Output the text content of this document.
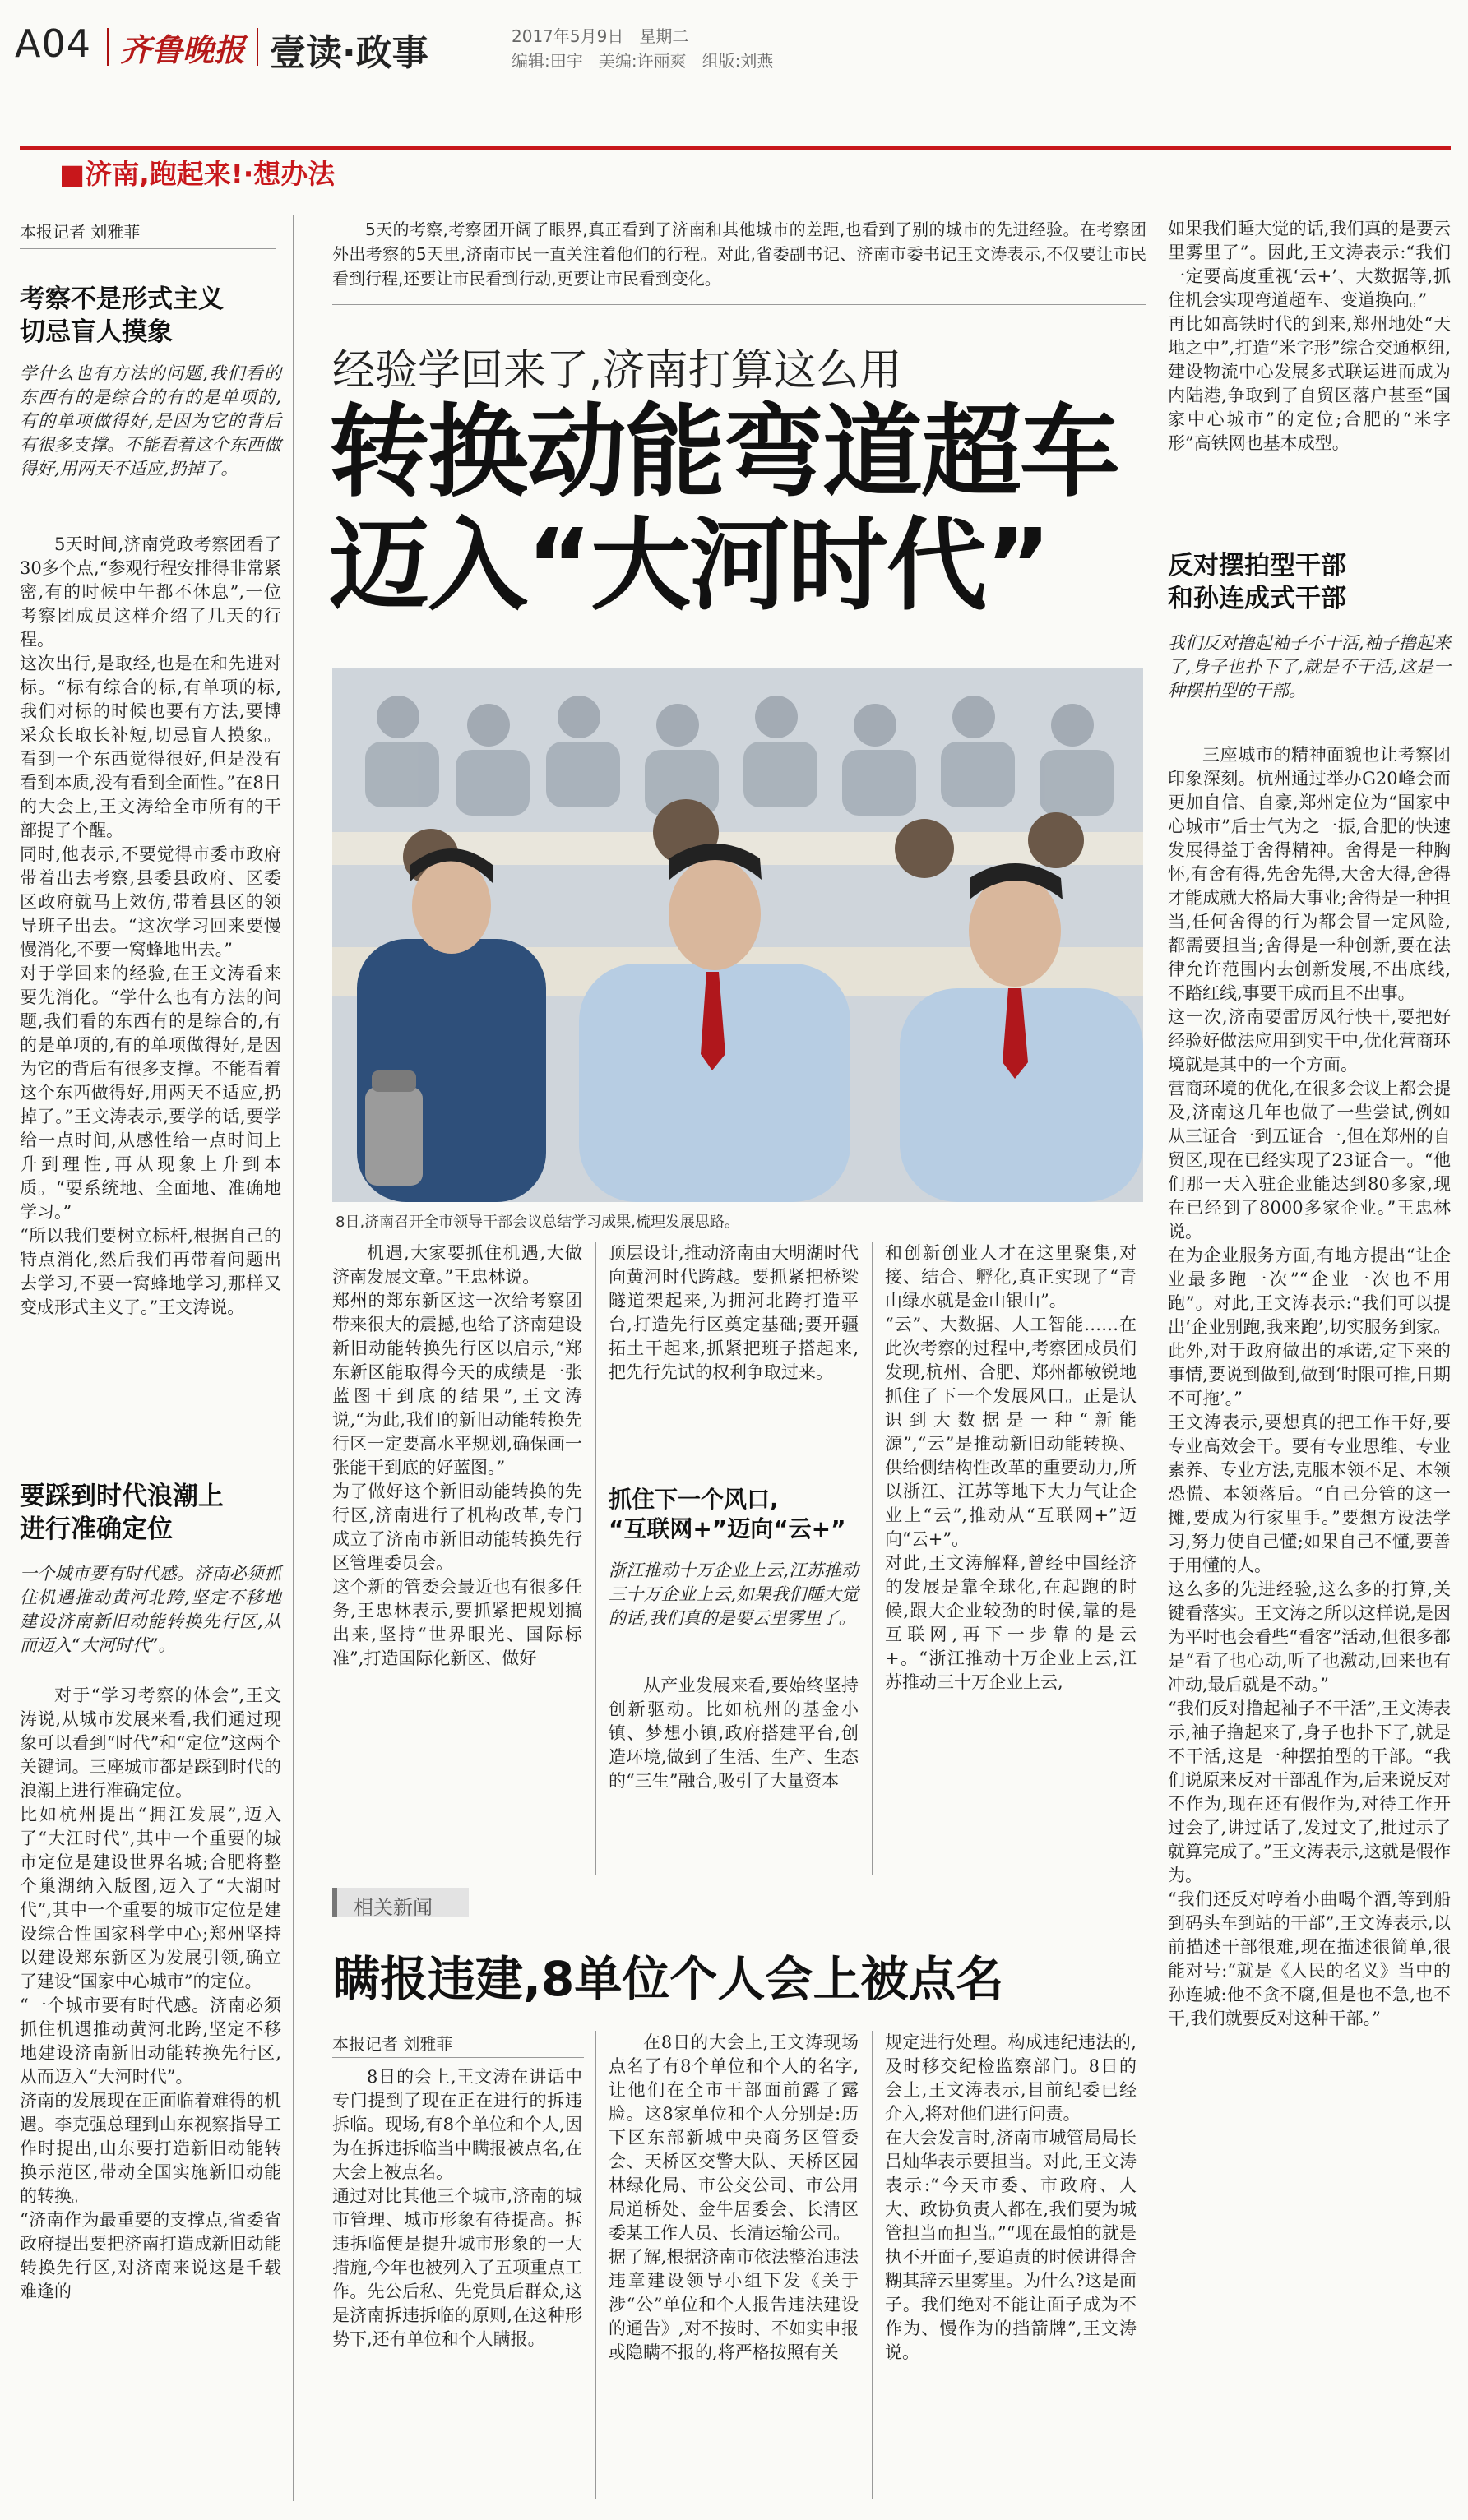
A04 齐鲁晚报 壹读·政事	2017年5月9日 星期二
编辑:田宇 美编:许丽爽 组版:刘燕
■济南,跑起来!·想办法
本报记者 刘雅菲

考察不是形式主义
切忌盲人摸象

学什么也有方法的问题,我们看的东西有的是综合的有的是单项的,有的单项做得好,是因为它的背后有很多支撑。不能看着这个东西做得好,用两天不适应,扔掉了。

5天时间,济南党政考察团看了30多个点,“参观行程安排得非常紧密,有的时候中午都不休息”,一位考察团成员这样介绍了几天的行程。
这次出行,是取经,也是在和先进对标。“标有综合的标,有单项的标,我们对标的时候也要有方法,要博采众长取长补短,切忌盲人摸象。看到一个东西觉得很好,但是没有看到本质,没有看到全面性。”在8日的大会上,王文涛给全市所有的干部提了个醒。
同时,他表示,不要觉得市委市政府带着出去考察,县委县政府、区委区政府就马上效仿,带着县区的领导班子出去。“这次学习回来要慢慢消化,不要一窝蜂地出去。”
对于学回来的经验,在王文涛看来要先消化。“学什么也有方法的问题,我们看的东西有的是综合的,有的是单项的,有的单项做得好,是因为它的背后有很多支撑。不能看着这个东西做得好,用两天不适应,扔掉了。”王文涛表示,要学的话,要学给一点时间,从感性给一点时间上升到理性,再从现象上升到本质。“要系统地、全面地、准确地学习。”
“所以我们要树立标杆,根据自己的特点消化,然后我们再带着问题出去学习,不要一窝蜂地学习,那样又变成形式主义了。”王文涛说。

要踩到时代浪潮上
进行准确定位

一个城市要有时代感。济南必须抓住机遇推动黄河北跨,坚定不移地建设济南新旧动能转换先行区,从而迈入“大河时代”。

对于“学习考察的体会”,王文涛说,从城市发展来看,我们通过现象可以看到“时代”和“定位”这两个关键词。三座城市都是踩到时代的浪潮上进行准确定位。
比如杭州提出“拥江发展”,迈入了“大江时代”,其中一个重要的城市定位是建设世界名城;合肥将整个巢湖纳入版图,迈入了“大湖时代”,其中一个重要的城市定位是建设综合性国家科学中心;郑州坚持以建设郑东新区为发展引领,确立了建设“国家中心城市”的定位。
“一个城市要有时代感。济南必须抓住机遇推动黄河北跨,坚定不移地建设济南新旧动能转换先行区,从而迈入“大河时代”。
济南的发展现在正面临着难得的机遇。李克强总理到山东视察指导工作时提出,山东要打造新旧动能转换示范区,带动全国实施新旧动能的转换。
“济南作为最重要的支撑点,省委省政府提出要把济南打造成新旧动能转换先行区,对济南来说这是千载难逢的

5天的考察,考察团开阔了眼界,真正看到了济南和其他城市的差距,也看到了别的城市的先进经验。在考察团外出考察的5天里,济南市民一直关注着他们的行程。对此,省委副书记、济南市委书记王文涛表示,不仅要让市民看到行程,还要让市民看到行动,更要让市民看到变化。

经验学回来了,济南打算这么用
转换动能弯道超车
迈入“大河时代”
8日,济南召开全市领导干部会议总结学习成果,梳理发展思路。

机遇,大家要抓住机遇,大做济南发展文章。”王忠林说。
郑州的郑东新区这一次给考察团带来很大的震撼,也给了济南建设新旧动能转换先行区以启示,“郑东新区能取得今天的成绩是一张蓝图干到底的结果”,王文涛说,“为此,我们的新旧动能转换先行区一定要高水平规划,确保画一张能干到底的好蓝图。”
为了做好这个新旧动能转换的先行区,济南进行了机构改革,专门成立了济南市新旧动能转换先行区管理委员会。
这个新的管委会最近也有很多任务,王忠林表示,要抓紧把规划搞出来,坚持“世界眼光、国际标准”,打造国际化新区、做好

顶层设计,推动济南由大明湖时代向黄河时代跨越。要抓紧把桥梁隧道架起来,为拥河北跨打造平台,打造先行区奠定基础;要开疆拓土干起来,抓紧把班子搭起来,把先行先试的权利争取过来。

抓住下一个风口,
“互联网+”迈向“云+”

浙江推动十万企业上云,江苏推动三十万企业上云,如果我们睡大觉的话,我们真的是要云里雾里了。

从产业发展来看,要始终坚持创新驱动。比如杭州的基金小镇、梦想小镇,政府搭建平台,创造环境,做到了生活、生产、生态的“三生”融合,吸引了大量资本

和创新创业人才在这里聚集,对接、结合、孵化,真正实现了“青山绿水就是金山银山”。
“云”、大数据、人工智能……在此次考察的过程中,考察团成员们发现,杭州、合肥、郑州都敏锐地抓住了下一个发展风口。正是认识到大数据是一种“新能源”,“云”是推动新旧动能转换、供给侧结构性改革的重要动力,所以浙江、江苏等地下大力气让企业上“云”,推动从“互联网+”迈向“云+”。
对此,王文涛解释,曾经中国经济的发展是靠全球化,在起跑的时候,跟大企业较劲的时候,靠的是互联网,再下一步靠的是云+。“浙江推动十万企业上云,江苏推动三十万企业上云,

如果我们睡大觉的话,我们真的是要云里雾里了”。因此,王文涛表示:“我们一定要高度重视‘云+’、大数据等,抓住机会实现弯道超车、变道换向。”
再比如高铁时代的到来,郑州地处“天地之中”,打造“米字形”综合交通枢纽,建设物流中心发展多式联运进而成为内陆港,争取到了自贸区落户甚至“国家中心城市”的定位;合肥的“米字形”高铁网也基本成型。

反对摆拍型干部
和孙连成式干部

我们反对撸起袖子不干活,袖子撸起来了,身子也扑下了,就是不干活,这是一种摆拍型的干部。

三座城市的精神面貌也让考察团印象深刻。杭州通过举办G20峰会而更加自信、自豪,郑州定位为“国家中心城市”后士气为之一振,合肥的快速发展得益于舍得精神。舍得是一种胸怀,有舍有得,先舍先得,大舍大得,舍得才能成就大格局大事业;舍得是一种担当,任何舍得的行为都会冒一定风险,都需要担当;舍得是一种创新,要在法律允许范围内去创新发展,不出底线,不踏红线,事要干成而且不出事。
这一次,济南要雷厉风行快干,要把好经验好做法应用到实干中,优化营商环境就是其中的一个方面。
营商环境的优化,在很多会议上都会提及,济南这几年也做了一些尝试,例如从三证合一到五证合一,但在郑州的自贸区,现在已经实现了23证合一。“他们那一天入驻企业能达到80多家,现在已经到了8000多家企业。”王忠林说。
在为企业服务方面,有地方提出“让企业最多跑一次”“企业一次也不用跑”。对此,王文涛表示:“我们可以提出‘企业别跑,我来跑’,切实服务到家。此外,对于政府做出的承诺,定下来的事情,要说到做到,做到‘时限可推,日期不可拖’。”
王文涛表示,要想真的把工作干好,要专业高效会干。要有专业思维、专业素养、专业方法,克服本领不足、本领恐慌、本领落后。“自己分管的这一摊,要成为行家里手。”要想方设法学习,努力使自己懂;如果自己不懂,要善于用懂的人。
这么多的先进经验,这么多的打算,关键看落实。王文涛之所以这样说,是因为平时也会看些“看客”活动,但很多都是“看了也心动,听了也激动,回来也有冲动,最后就是不动。”
“我们反对撸起袖子不干活”,王文涛表示,袖子撸起来了,身子也扑下了,就是不干活,这是一种摆拍型的干部。“我们说原来反对干部乱作为,后来说反对不作为,现在还有假作为,对待工作开过会了,讲过话了,发过文了,批过示了就算完成了。”王文涛表示,这就是假作为。
“我们还反对哼着小曲喝个酒,等到船到码头车到站的干部”,王文涛表示,以前描述干部很难,现在描述很简单,很能对号:“就是《人民的名义》当中的孙连城:他不贪不腐,但是也不急,也不干,我们就要反对这种干部。”

相关新闻
瞒报违建,8单位个人会上被点名
本报记者 刘雅菲

8日的会上,王文涛在讲话中专门提到了现在正在进行的拆违拆临。现场,有8个单位和个人,因为在拆违拆临当中瞒报被点名,在大会上被点名。
通过对比其他三个城市,济南的城市管理、城市形象有待提高。拆违拆临便是提升城市形象的一大措施,今年也被列入了五项重点工作。先公后私、先党员后群众,这是济南拆违拆临的原则,在这种形势下,还有单位和个人瞒报。

在8日的大会上,王文涛现场点名了有8个单位和个人的名字,让他们在全市干部面前露了露脸。这8家单位和个人分别是:历下区东部新城中央商务区管委会、天桥区交警大队、天桥区园林绿化局、市公交公司、市公用局道桥处、金牛居委会、长清区委某工作人员、长清运输公司。
据了解,根据济南市依法整治违法违章建设领导小组下发《关于涉“公”单位和个人报告违法建设的通告》,对不按时、不如实申报或隐瞒不报的,将严格按照有关

规定进行处理。构成违纪违法的,及时移交纪检监察部门。8日的会上,王文涛表示,目前纪委已经介入,将对他们进行问责。
在大会发言时,济南市城管局局长吕灿华表示要担当。对此,王文涛表示:“今天市委、市政府、人大、政协负责人都在,我们要为城管担当而担当。”“现在最怕的就是执不开面子,要追责的时候讲得舍糊其辞云里雾里。为什么?这是面子。我们绝对不能让面子成为不作为、慢作为的挡箭牌”,王文涛说。
